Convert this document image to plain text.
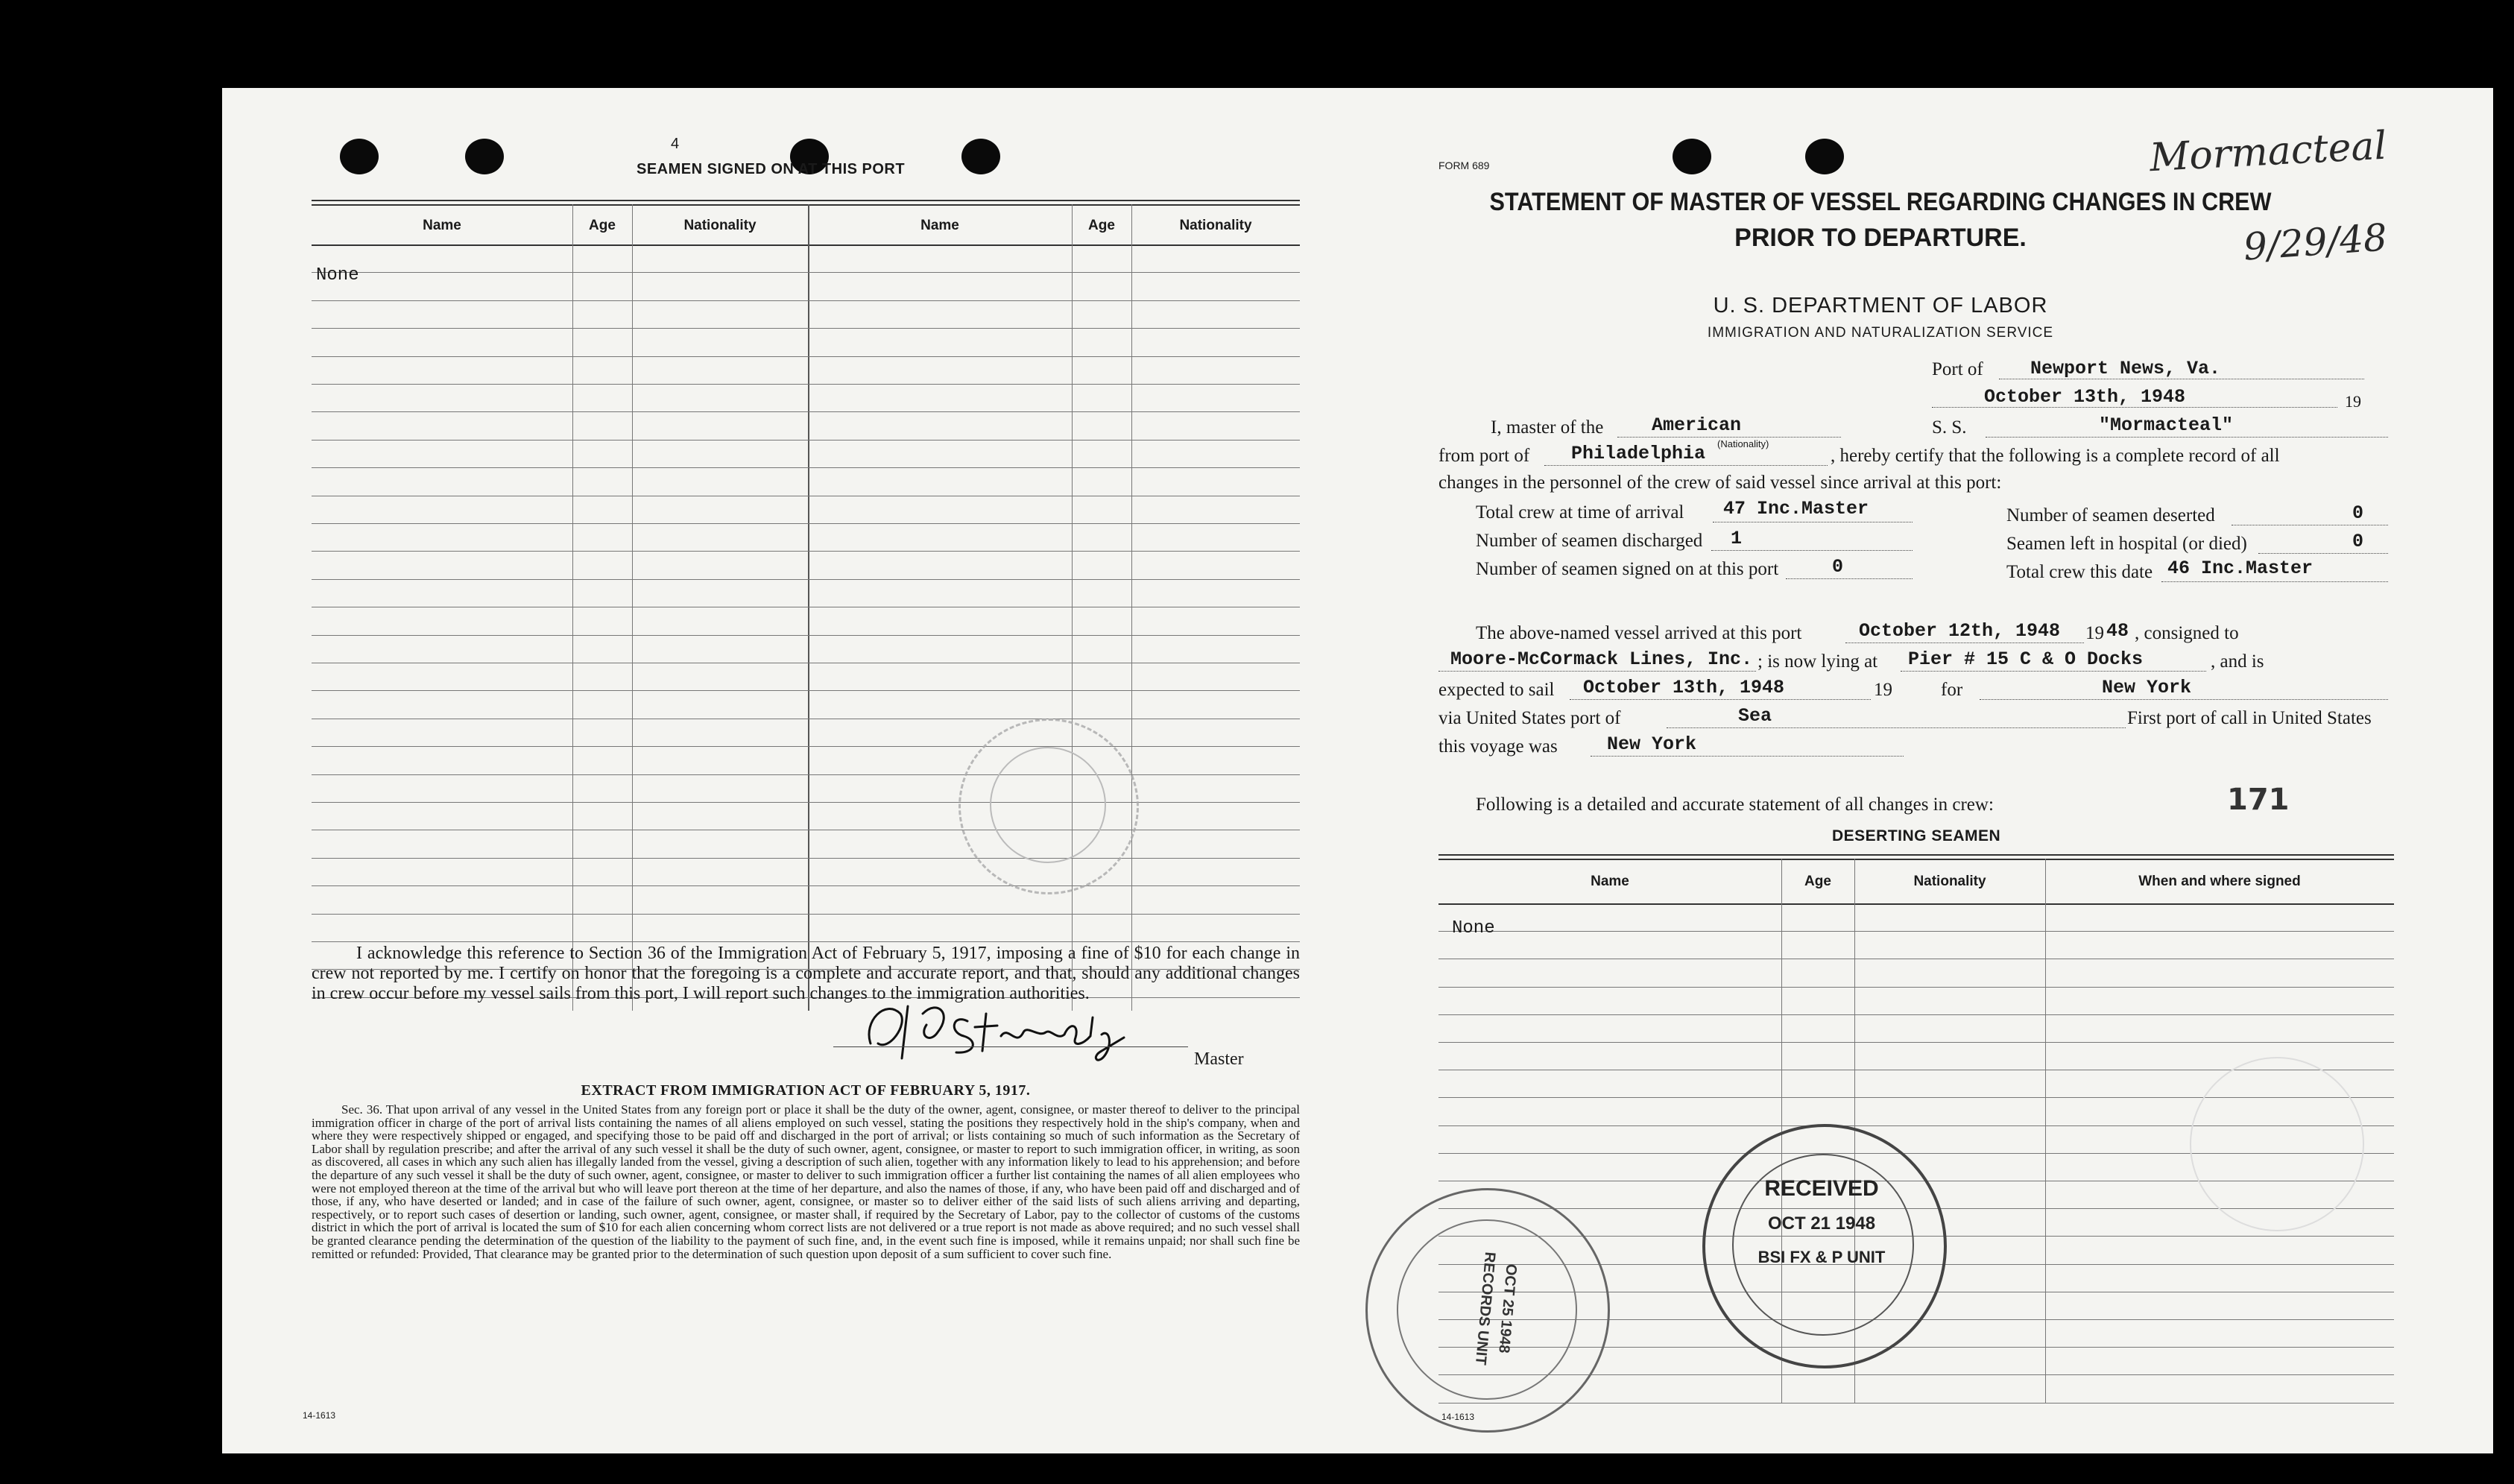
4
SEAMEN SIGNED ON AT THIS PORT
Name	Age	Nationality	Name	Age	Nationality
None
I acknowledge this reference to Section 36 of the Immigration Act of February 5, 1917, imposing a fine of $10 for each change in crew not reported by me. I certify on honor that the foregoing is a complete and accurate report, and that, should any additional changes in crew occur before my vessel sails from this port, I will report such changes to the immigration authorities.
Master
EXTRACT FROM IMMIGRATION ACT OF FEBRUARY 5, 1917.
Sec. 36. That upon arrival of any vessel in the United States from any foreign port or place it shall be the duty of the owner, agent, consignee, or master thereof to deliver to the principal immigration officer in charge of the port of arrival lists containing the names of all aliens employed on such vessel, stating the positions they respectively hold in the ship's company, when and where they were respectively shipped or engaged, and specifying those to be paid off and discharged in the port of arrival; or lists containing so much of such information as the Secretary of Labor shall by regulation prescribe; and after the arrival of any such vessel it shall be the duty of such owner, agent, consignee, or master to report to such immigration officer, in writing, as soon as discovered, all cases in which any such alien has illegally landed from the vessel, giving a description of such alien, together with any information likely to lead to his apprehension; and before the departure of any such vessel it shall be the duty of such owner, agent, consignee, or master to deliver to such immigration officer a further list containing the names of all alien employees who were not employed thereon at the time of the arrival but who will leave port thereon at the time of her departure, and also the names of those, if any, who have been paid off and discharged and of those, if any, who have deserted or landed; and in case of the failure of such owner, agent, consignee, or master so to deliver either of the said lists of such aliens arriving and departing, respectively, or to report such cases of desertion or landing, such owner, agent, consignee, or master shall, if required by the Secretary of Labor, pay to the collector of customs of the customs district in which the port of arrival is located the sum of $10 for each alien concerning whom correct lists are not delivered or a true report is not made as above required; and no such vessel shall be granted clearance pending the determination of the question of the liability to the payment of such fine, and, in the event such fine is imposed, while it remains unpaid; nor shall such fine be remitted or refunded: Provided, That clearance may be granted prior to the determination of such question upon deposit of a sum sufficient to cover such fine.
14-1613
FORM 689	Mormacteal
9/29/48
STATEMENT OF MASTER OF VESSEL REGARDING CHANGES IN CREW
PRIOR TO DEPARTURE.
U. S. DEPARTMENT OF LABOR
IMMIGRATION AND NATURALIZATION SERVICE
Port of	Newport News, Va.
October 13th, 1948	19
I, master of the	American
(Nationality)
S. S.	"Mormacteal"
from port of Philadelphia	, hereby certify that the following is a complete record of all
changes in the personnel of the crew of said vessel since arrival at this port:
Total crew at time of arrival 47 Inc.Master	Number of seamen deserted	0
Number of seamen discharged 1	Seamen left in hospital (or died)	0
Number of seamen signed on at this port	0	Total crew this date 46 Inc.Master
The above-named vessel arrived at this port	October 12th, 1948 19 48 , consigned to
Moore-McCormack Lines, Inc. ; is now lying at Pier # 15 C & O Docks	, and is
expected to sail October 13th, 1948	19	for	New York
via United States port of	Sea	First port of call in United States
this voyage was	New York
Following is a detailed and accurate statement of all changes in crew:	171
DESERTING SEAMEN
Name	Age	Nationality	When and where signed
None
RECEIVED
OCT 21 1948
BSI FX & P UNIT
RECORDS UNIT
OCT 25 1948
14-1613
